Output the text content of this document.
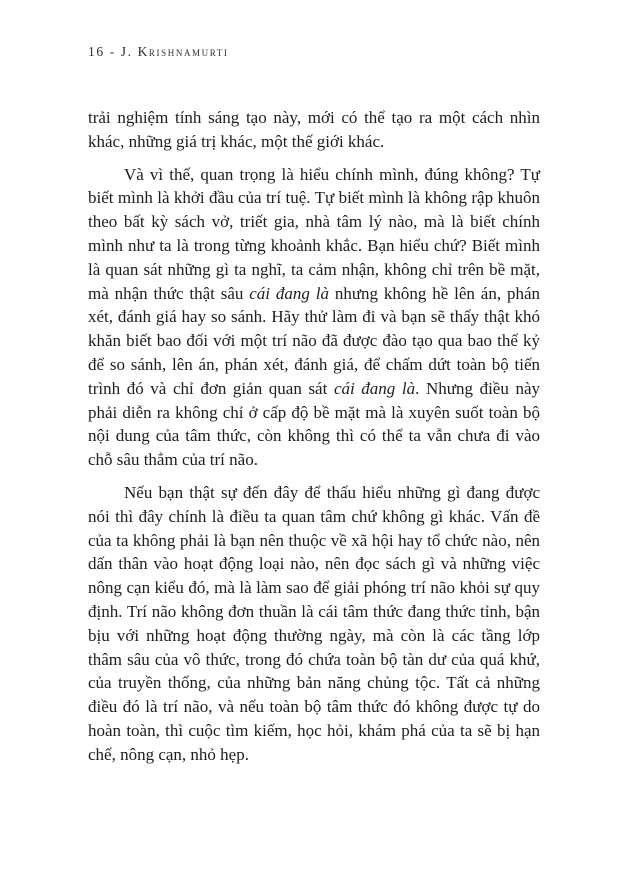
16 - J. Krishnamurti

trải nghiệm tính sáng tạo này, mới có thể tạo ra một cách nhìn khác, những giá trị khác, một thế giới khác.

Và vì thế, quan trọng là hiểu chính mình, đúng không? Tự biết mình là khởi đầu của trí tuệ. Tự biết mình là không rập khuôn theo bất kỳ sách vở, triết gia, nhà tâm lý nào, mà là biết chính mình như ta là trong từng khoảnh khắc. Bạn hiểu chứ? Biết mình là quan sát những gì ta nghĩ, ta cảm nhận, không chỉ trên bề mặt, mà nhận thức thật sâu cái đang là nhưng không hề lên án, phán xét, đánh giá hay so sánh. Hãy thử làm đi và bạn sẽ thấy thật khó khăn biết bao đối với một trí não đã được đào tạo qua bao thế kỷ để so sánh, lên án, phán xét, đánh giá, để chấm dứt toàn bộ tiến trình đó và chỉ đơn giản quan sát cái đang là. Nhưng điều này phải diễn ra không chỉ ở cấp độ bề mặt mà là xuyên suốt toàn bộ nội dung của tâm thức, còn không thì có thể ta vẫn chưa đi vào chỗ sâu thẳm của trí não.

Nếu bạn thật sự đến đây để thấu hiểu những gì đang được nói thì đây chính là điều ta quan tâm chứ không gì khác. Vấn đề của ta không phải là bạn nên thuộc về xã hội hay tổ chức nào, nên dấn thân vào hoạt động loại nào, nên đọc sách gì và những việc nông cạn kiểu đó, mà là làm sao để giải phóng trí não khỏi sự quy định. Trí não không đơn thuần là cái tâm thức đang thức tỉnh, bận bịu với những hoạt động thường ngày, mà còn là các tầng lớp thâm sâu của vô thức, trong đó chứa toàn bộ tàn dư của quá khứ, của truyền thống, của những bản năng chủng tộc. Tất cả những điều đó là trí não, và nếu toàn bộ tâm thức đó không được tự do hoàn toàn, thì cuộc tìm kiếm, học hỏi, khám phá của ta sẽ bị hạn chế, nông cạn, nhỏ hẹp.
